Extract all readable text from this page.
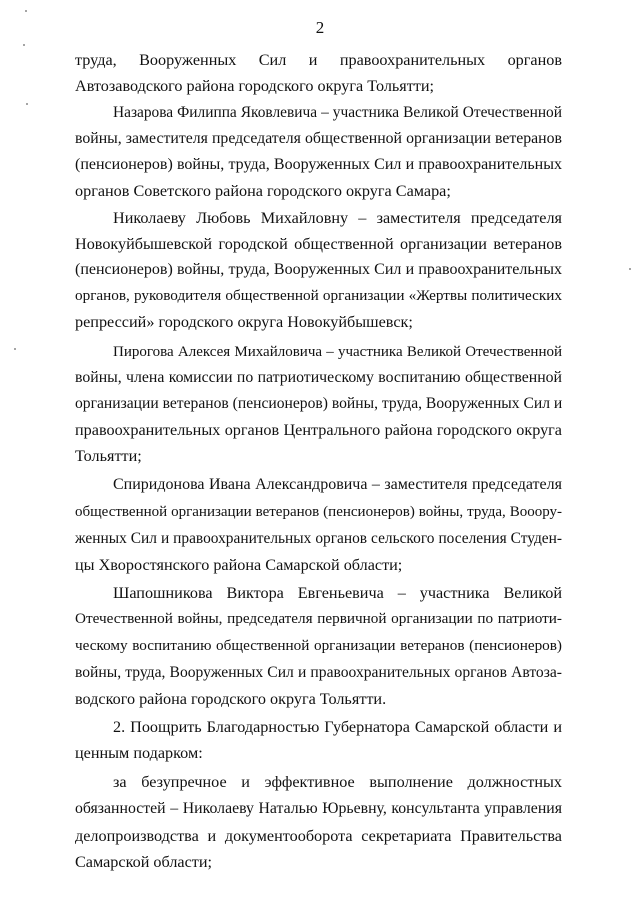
2
труда, Вооруженных Сил и правоохранительных органов
Автозаводского района городского округа Тольятти;
Назарова Филиппа Яковлевича – участника Великой Отечественной
войны, заместителя председателя общественной организации ветеранов
(пенсионеров) войны, труда, Вооруженных Сил и правоохранительных
органов Советского района городского округа Самара;
Николаеву Любовь Михайловну – заместителя председателя
Новокуйбышевской городской общественной организации ветеранов
(пенсионеров) войны, труда, Вооруженных Сил и правоохранительных
органов, руководителя общественной организации «Жертвы политических
репрессий» городского округа Новокуйбышевск;
Пирогова Алексея Михайловича – участника Великой Отечественной
войны, члена комиссии по патриотическому воспитанию общественной
организации ветеранов (пенсионеров) войны, труда, Вооруженных Сил и
правоохранительных органов Центрального района городского округа
Тольятти;
Спиридонова Ивана Александровича – заместителя председателя
общественной организации ветеранов (пенсионеров) войны, труда, Вооору-
женных Сил и правоохранительных органов сельского поселения Студен-
цы Хворостянского района Самарской области;
Шапошникова Виктора Евгеньевича – участника Великой
Отечественной войны, председателя первичной организации по патриоти-
ческому воспитанию общественной организации ветеранов (пенсионеров)
войны, труда, Вооруженных Сил и правоохранительных органов Автоза-
водского района городского округа Тольятти.
2. Поощрить Благодарностью Губернатора Самарской области и
ценным подарком:
за безупречное и эффективное выполнение должностных
обязанностей – Николаеву Наталью Юрьевну, консультанта управления
делопроизводства и документооборота секретариата Правительства
Самарской области;
